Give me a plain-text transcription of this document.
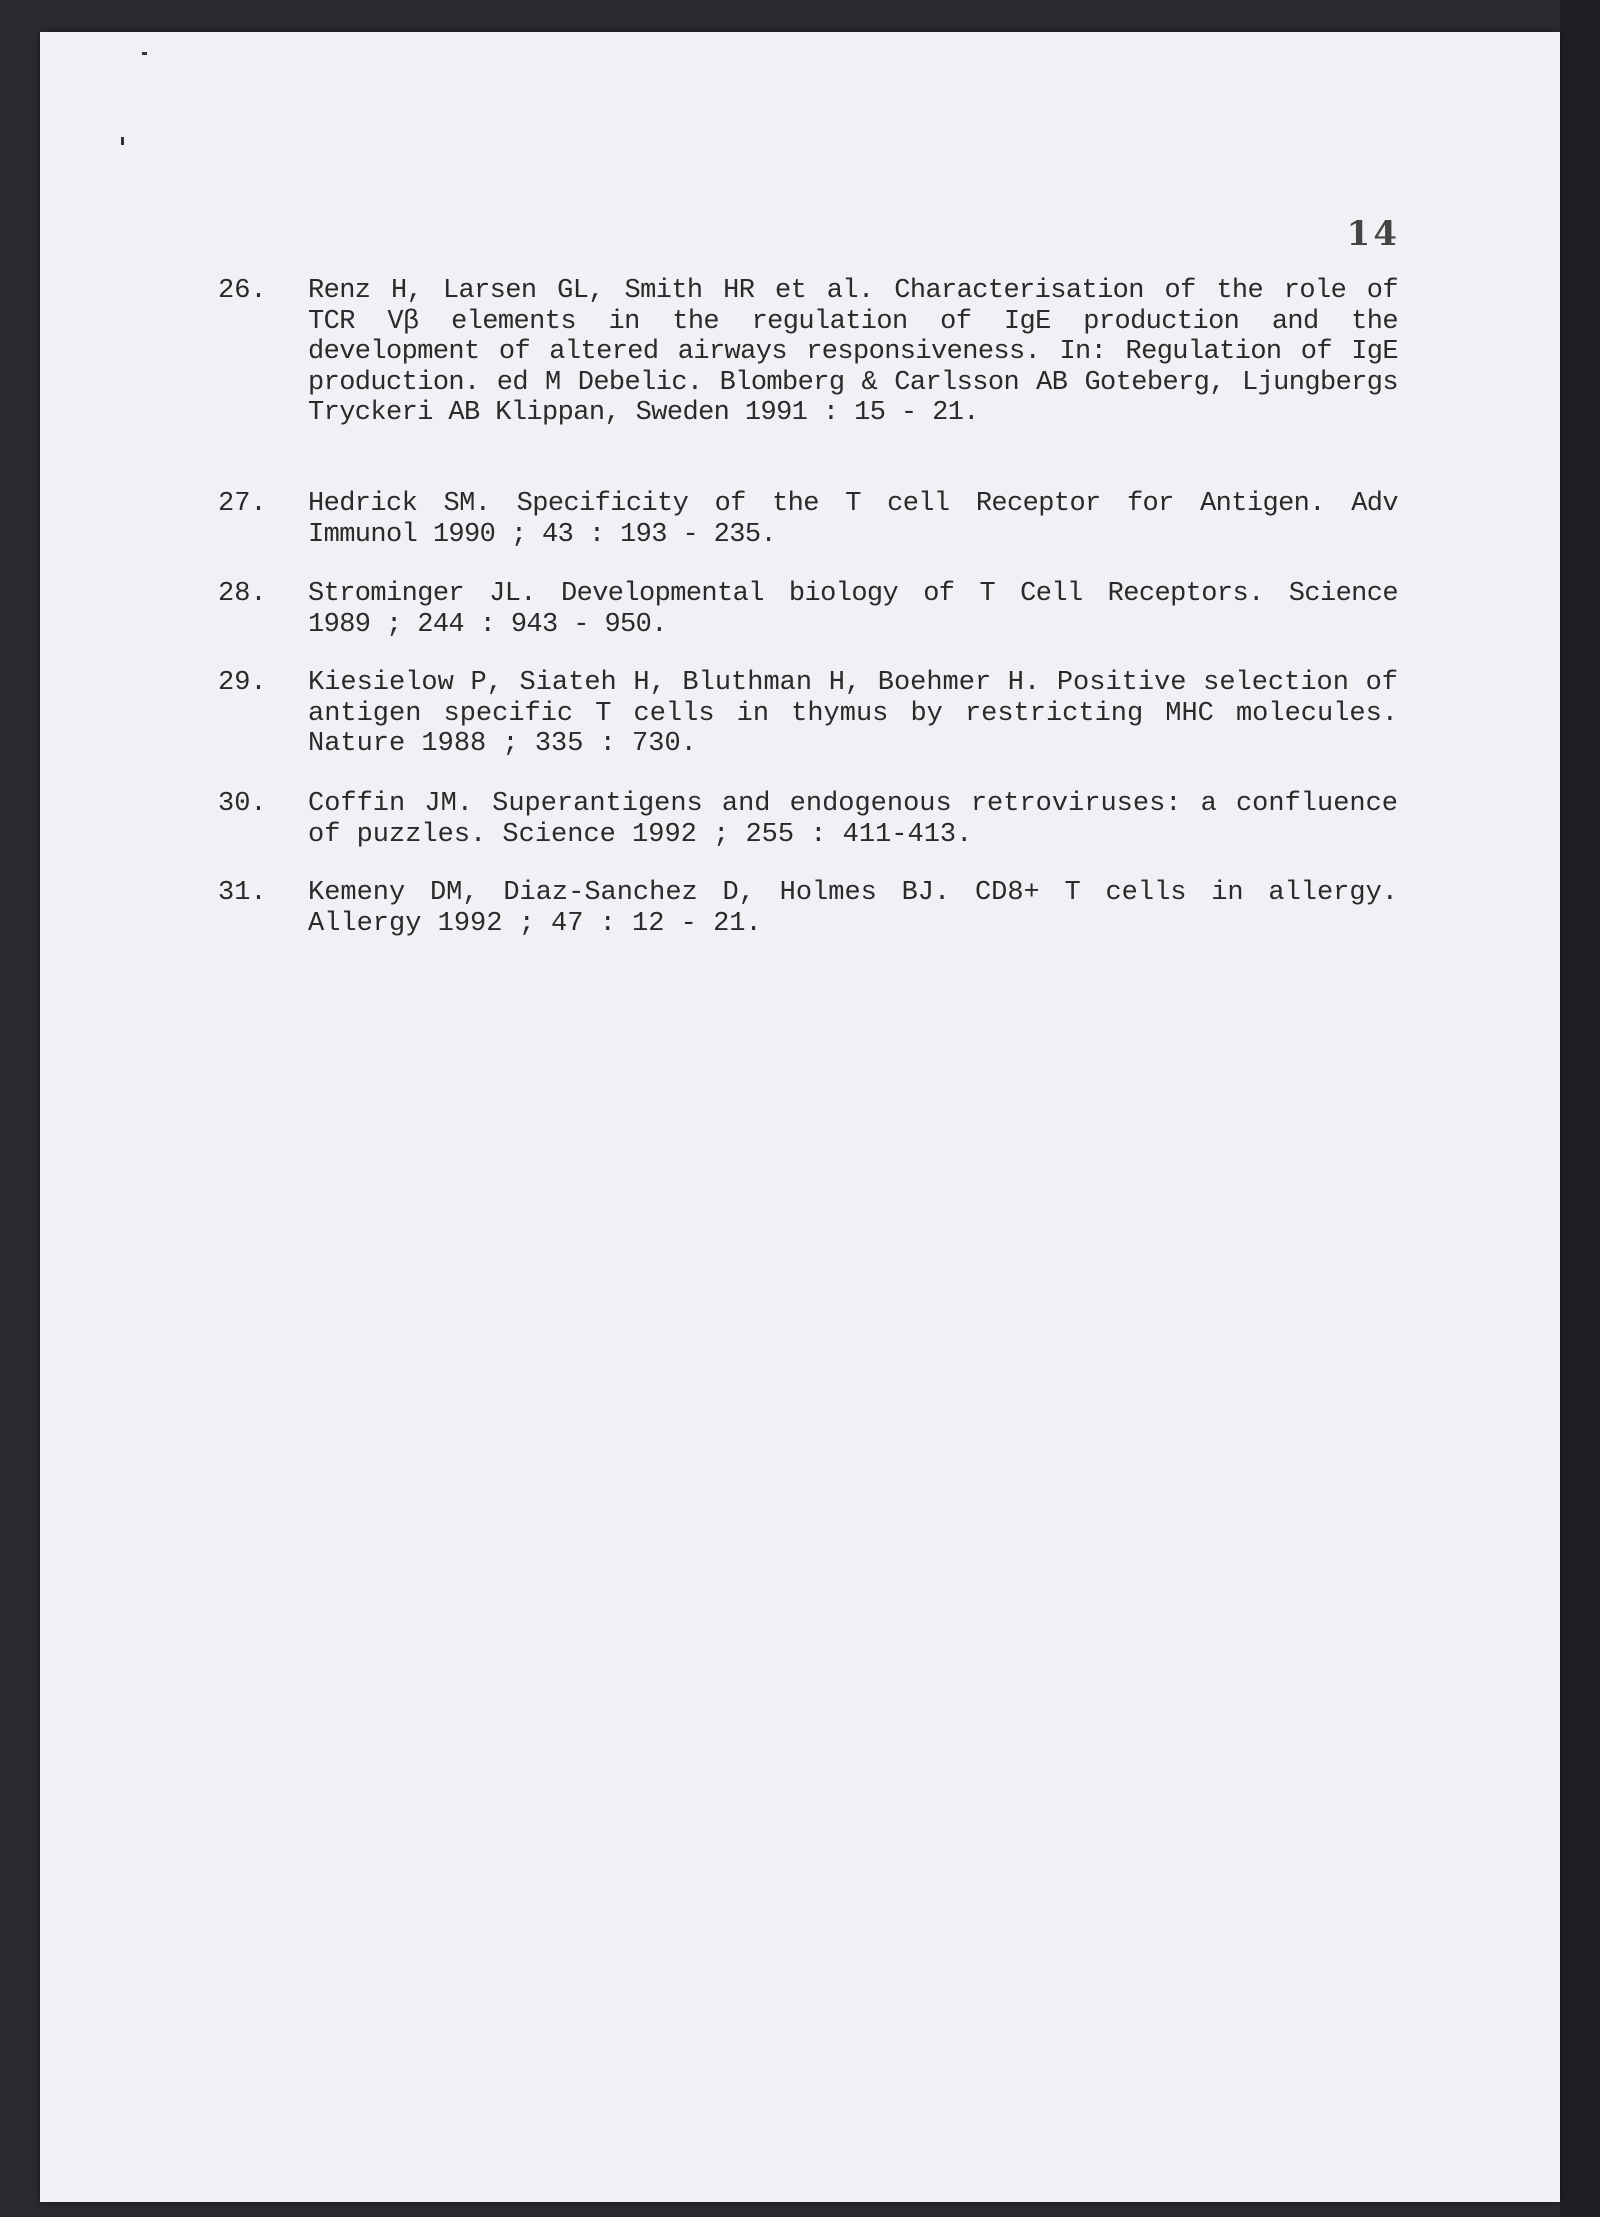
14
26. Renz H, Larsen GL, Smith HR et al. Characterisation of the role of TCR Vβ elements in the regulation of IgE production and the development of altered airways responsiveness. In: Regulation of IgE production. ed M Debelic. Blomberg & Carlsson AB Goteberg, Ljungbergs Tryckeri AB Klippan, Sweden 1991 : 15 - 21.
27. Hedrick SM. Specificity of the T cell Receptor for Antigen. Adv Immunol 1990 ; 43 : 193 - 235.
28. Strominger JL. Developmental biology of T Cell Receptors. Science 1989 ; 244 : 943 - 950.
29. Kiesielow P, Siateh H, Bluthman H, Boehmer H. Positive selection of antigen specific T cells in thymus by restricting MHC molecules. Nature 1988 ; 335 : 730.
30. Coffin JM. Superantigens and endogenous retroviruses: a confluence of puzzles. Science 1992 ; 255 : 411-413.
31. Kemeny DM, Diaz-Sanchez D, Holmes BJ. CD8+ T cells in allergy. Allergy 1992 ; 47 : 12 - 21.
